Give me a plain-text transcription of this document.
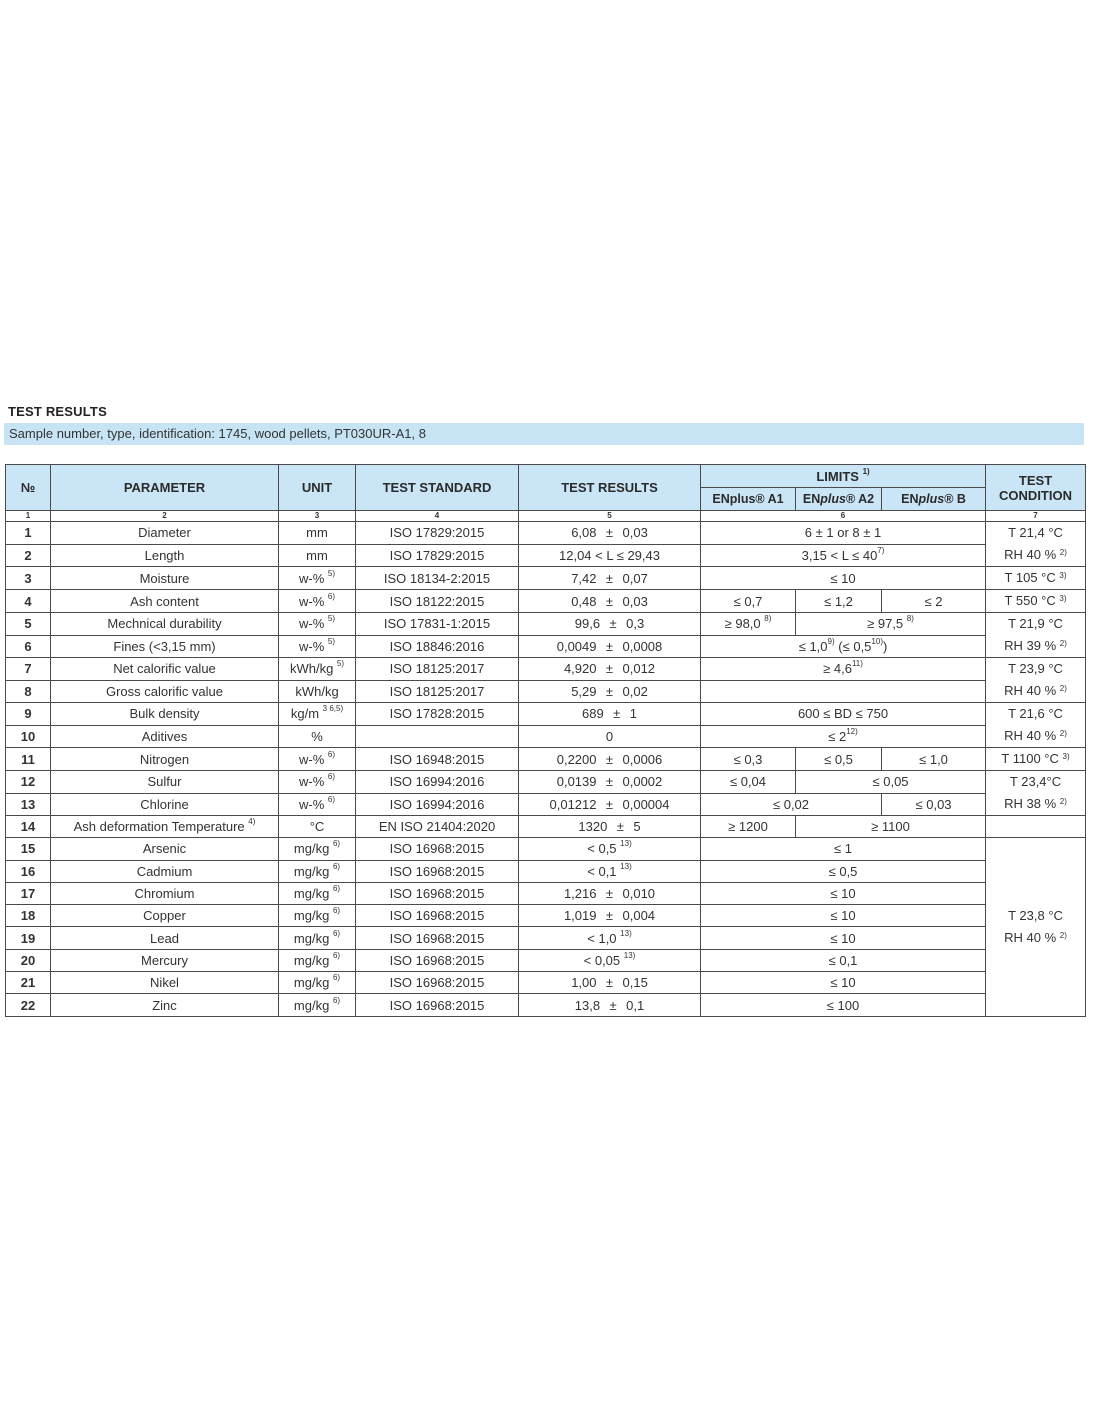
TEST RESULTS
Sample number, type, identification: 1745, wood pellets, PT030UR-A1, 8
№	PARAMETER	UNIT	TEST STANDARD	TEST RESULTS	LIMITS $^{1)}$			TEST
CONDITION

					ENplus® A1	ENplus® A2	ENplus® B	
1	2	3	4	5	6			7
1	Diameter	mm	ISO 17829:2015	6,08 ± 0,03	6 ± 1 or 8 ± 1			T 21,4 °C
RH 40 % $^{2)}$

2	Length	mm	ISO 17829:2015	12,04 < L ≤ 29,43	$3,15 < L \le 40^{7)}$
3	Moisture	w-% $^{5)}$	ISO 18134-2:2015	7,42 ± 0,07	≤ 10			T 105 °C $^{3)}$

4	Ash content	w-% $^{6)}$	ISO 18122:2015	0,48 ± 0,03	≤ 0,7	≤ 1,2	≤ 2	T 550 °C $^{3)}$

5	Mechnical durability	w-% $^{5)}$	ISO 17831-1:2015	99,6 ± 0,3	≥ 98,0 $^{8)}$	≥ 97,5 $^{8)}$		T 21,9 °C
RH 39 % $^{2)}$

6	Fines (<3,15 mm)	w-% $^{5)}$	ISO 18846:2016	0,0049 ± 0,0008	≤ $1,0^{9)}$ (≤ $0,5^{10)}$)			
7	Net calorific value	kWh/kg $^{5)}$	ISO 18125:2017	4,920 ± 0,012	≥ $4,6^{11)}$			T 23,9 °C
RH 40 % $^{2)}$

8	Gross calorific value	kWh/kg	ISO 18125:2017	5,29 ± 0,02				
9	Bulk density	kg/m $^{3 6,5)}$	ISO 17828:2015	689 ± 1	600 ≤ BD ≤ 750			T 21,6 °C
RH 40 % $^{2)}$

10	Aditives	%		0	≤ $2^{12)}$
11	Nitrogen	w-% $^{6)}$	ISO 16948:2015	0,2200 ± 0,0006	≤ 0,3	≤ 0,5	≤ 1,0	T 1100 °C $^{3)}$

12	Sulfur	w-% $^{6)}$	ISO 16994:2016	0,0139 ± 0,0002	≤ 0,04	≤ 0,05		T 23,4°C
RH 38 % $^{2)}$

13	Chlorine	w-% $^{6)}$	ISO 16994:2016	0,01212 ± 0,00004	≤ 0,02		≤ 0,03	
14	Ash deformation Temperature $^{4)}$	°C	EN ISO 21404:2020	1320 ± 5	≥ 1200	≥ 1100		
15	Arsenic	mg/kg $^{6)}$	ISO 16968:2015	< 0,5 $^{13)}$	≤ 1			T 23,8 °C
RH 40 % $^{2)}$

16	Cadmium	mg/kg $^{6)}$	ISO 16968:2015	< 0,1 $^{13)}$	≤ 0,5			
17	Chromium	mg/kg $^{6)}$	ISO 16968:2015	1,216 ± 0,010	≤ 10			
18	Copper	mg/kg $^{6)}$	ISO 16968:2015	1,019 ± 0,004	≤ 10			
19	Lead	mg/kg $^{6)}$	ISO 16968:2015	< 1,0 $^{13)}$	≤ 10			
20	Mercury	mg/kg $^{6)}$	ISO 16968:2015	< 0,05 $^{13)}$	≤ 0,1			
21	Nikel	mg/kg $^{6)}$	ISO 16968:2015	1,00 ± 0,15	≤ 10			
22	Zinc	mg/kg $^{6)}$	ISO 16968:2015	13,8 ± 0,1	≤ 100			
